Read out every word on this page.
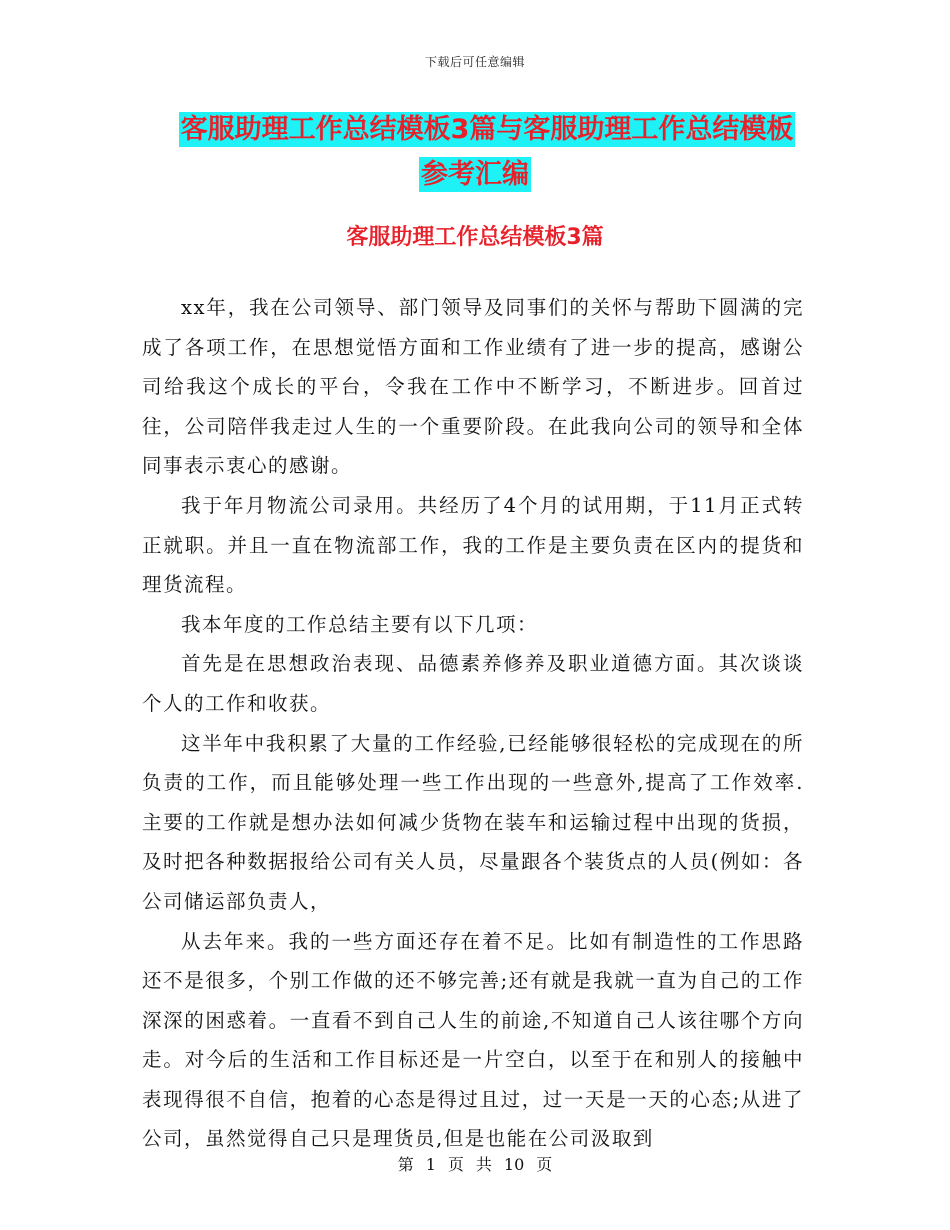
下载后可任意编辑
客服助理工作总结模板3篇与客服助理工作总结模板
参考汇编
客服助理工作总结模板3篇

xx年，我在公司领导、部门领导及同事们的关怀与帮助下圆满的完成了各项工作，在思想觉悟方面和工作业绩有了进一步的提高，感谢公司给我这个成长的平台，令我在工作中不断学习，不断进步。回首过往，公司陪伴我走过人生的一个重要阶段。在此我向公司的领导和全体同事表示衷心的感谢。

我于年月物流公司录用。共经历了4个月的试用期，于11月正式转正就职。并且一直在物流部工作，我的工作是主要负责在区内的提货和理货流程。

我本年度的工作总结主要有以下几项：

首先是在思想政治表现、品德素养修养及职业道德方面。其次谈谈个人的工作和收获。

这半年中我积累了大量的工作经验,已经能够很轻松的完成现在的所负责的工作，而且能够处理一些工作出现的一些意外,提高了工作效率.主要的工作就是想办法如何减少货物在装车和运输过程中出现的货损，及时把各种数据报给公司有关人员，尽量跟各个装货点的人员(例如：各公司储运部负责人，

从去年来。我的一些方面还存在着不足。比如有制造性的工作思路还不是很多，个别工作做的还不够完善;还有就是我就一直为自己的工作深深的困惑着。一直看不到自己人生的前途,不知道自己人该往哪个方向走。对今后的生活和工作目标还是一片空白，以至于在和别人的接触中表现得很不自信，抱着的心态是得过且过，过一天是一天的心态;从进了公司，虽然觉得自己只是理货员,但是也能在公司汲取到

第 1 页 共 10 页
